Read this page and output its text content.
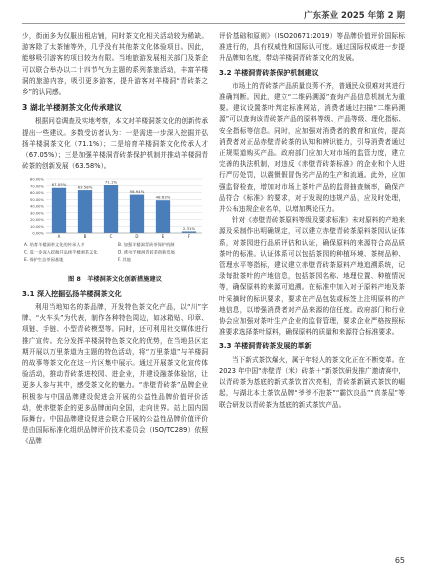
广东茶业 2025 年第 2 期

少，街面多为仅服出租店铺，同时茶文化相关活动较为稀缺。游客除了太茶铺等外，几乎没有其他茶文化体验项目。因此，能够吸引游客的项目较为有限。当地旅游发展相关部门及茶企可以联合举办以二十四节气为主题的系列茶旅活动，丰富羊楼洞的旅游内容，吸引更多游客，提升游客对羊楼洞“青砖茶之乡”的认同感。

3 湖北羊楼洞茶文化传承建议

根据问卷调查及实地考察，本文对羊楼洞茶文化的创新传承提出一些建议。多数受访者认为：一是需进一步深入挖掘并弘扬羊楼洞茶文化（71.1%）；二是培育羊楼洞茶文化传承人才（67.05%）；三是加强羊楼洞青砖茶保护机制并推动羊楼洞青砖茶的创新发展（63.58%）。

80.00%
70.00%
60.00%
50.00%
40.00%
30.00%
20.00%
10.00%
0.00%
67.05%
A
63.58%
B
71.1%
C
56.94%
D
48.63%
E
2.31%
F
A. 培育羊楼洞茶文化的传承人才	B. 加强羊楼洞青砖茶保护机制
C. 进一步深入挖掘并弘扬羊楼洞茶文化	D. 推动羊楼洞青砖茶创新发展
E. 保护生态茶园基地	F. 其他
图 8　羊楼洞茶文化创新措施建议
3.1 深入挖掘弘扬羊楼洞茶文化

利用当地知名的茶品牌，开发特色茶文化产品，以“川”字牌、“火车头”为代表，制作各种特色周边，如冰箱贴、印章、项链、手链、小型青砖模型等。同时，还可利用社交媒体进行推广宣传。充分发挥羊楼洞特色茶文化的优势，在当地县区定期开展以万里茶道为主题的特色活动，将“万里茶道”与羊楼洞的故事等茶文化在这一片区集中展示。通过开展茶文化宣传体验活动，推动青砖茶进校园、进企业，并建设融茶体验馆，让更多人参与其中，感受茶文化的魅力。“赤壁青砖茶”品牌企业积极参与中国品牌建设促进会开展的公益性品牌价值评价活动，使赤壁茶企的更多品牌面向全国，走向世界。站上国内国际舞台。中国品牌建设促进会联合开展的公益性品牌价值评价是由国际标准化组织品牌评价技术委员会（ISO/TC289）依照《品牌

评价基础和原则》（ISO20671:2019）等品牌价值评价国际标准进行的，具有权威性和国际认可度。通过国际权威进一步提升品牌知名度，带动羊楼洞青砖茶文化的发展。

3.2 羊楼洞青砖茶保护机制建议

市场上的青砖茶产品质量良莠不齐，普通民众很难对其进行准确判断。因此，建立“二维码溯源”查询产品信息机制尤为重要。建议设置茶叶判定标准网站，消费者通过扫描“二维码溯源”可以查询该青砖茶产品的原料等级、产品等级、理化指标、安全指标等信息。同时，应加强对消费者的教育和宣传，提高消费者对正品赤壁青砖茶的认知和辨识能力，引导消费者通过正规渠道购买产品。政府部门应加大对市场的监管力度，建立完善的执法机制，对违反《赤壁青砖茶标准》的企业和个人进行严厉处罚，以震慑假冒伪劣产品的生产和流通。此外，应加强监督检查，增加对市场上茶叶产品的监督抽查频率，确保产品符合《标准》的要求，对于发现的违规产品，应及时处理，并公布违规企业名单，以增加舆论压力。

针对《赤壁青砖茶原料等级及要求标准》未对原料的产地来源及采制作出明确规定，可以建立赤壁青砖茶原料茶园认证体系，对茶园进行品质评估和认证，确保原料的来源符合高品质茶叶的标准。认证体系可以包括茶园的种植环境、茶树品种、管理水平等指标，建议建立赤壁青砖茶原料产地追溯系统，记录每批茶叶的产地信息，包括茶园名称、地理位置、种植情况等，确保原料的来源可追溯。在标准中加入对于原料产地及茶叶采摘时的标识要求，要求在产品包装或标签上注明原料的产地信息，以增强消费者对产品来源的信任度。政府部门和行业协会应加强对茶叶生产企业的监督管理，要求企业严格按照标准要求选择茶叶原料，确保原料的质量和来源符合标准要求。

3.3 羊楼洞青砖茶发展的革新

当下新式茶饮爆火，属于年轻人的茶文化正在不断变革。在 2023 年中国“赤壁青（米）砖茶＋”新茶饮研发推广邀请赛中，以青砖茶为基底的新式茶饮首次亮相，青砖茶新颖式茶饮的崛起，与湖北本土茶饮品牌“爷爷不泡茶”“霸饮良品”“真茶屋”等联合研发以青砖茶为基底的新式茶饮产品。

65
